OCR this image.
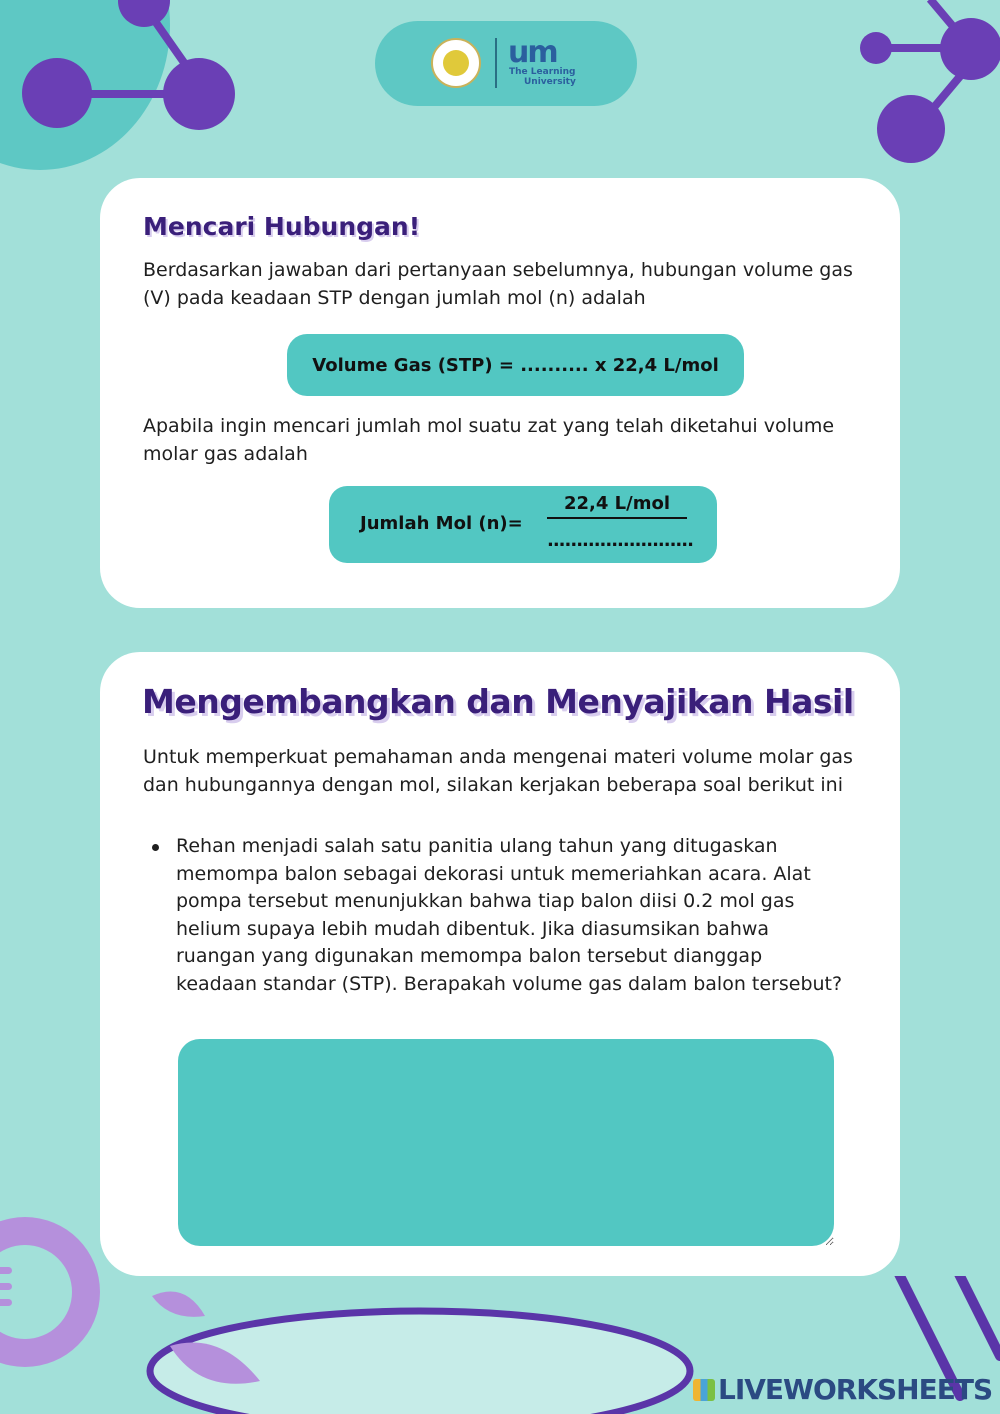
um
The Learning
University
Mencari Hubungan!

Berdasarkan jawaban dari pertanyaan sebelumnya, hubungan volume gas (V) pada keadaan STP dengan jumlah mol (n) adalah

Volume Gas (STP) = .......... x 22,4 L/mol

Apabila ingin mencari jumlah mol suatu zat yang telah diketahui volume molar gas adalah

Jumlah Mol (n)=
22,4 L/mol
.........................
Mengembangkan dan Menyajikan Hasil

Untuk memperkuat pemahaman anda mengenai materi volume molar gas dan hubungannya dengan mol, silakan kerjakan beberapa soal berikut ini

Rehan menjadi salah satu panitia ulang tahun yang ditugaskan memompa balon sebagai dekorasi untuk memeriahkan acara. Alat pompa tersebut menunjukkan bahwa tiap balon diisi 0.2 mol gas helium supaya lebih mudah dibentuk. Jika diasumsikan bahwa ruangan yang digunakan memompa balon tersebut dianggap keadaan standar (STP). Berapakah volume gas dalam balon tersebut?
LIVEWORKSHEETS
